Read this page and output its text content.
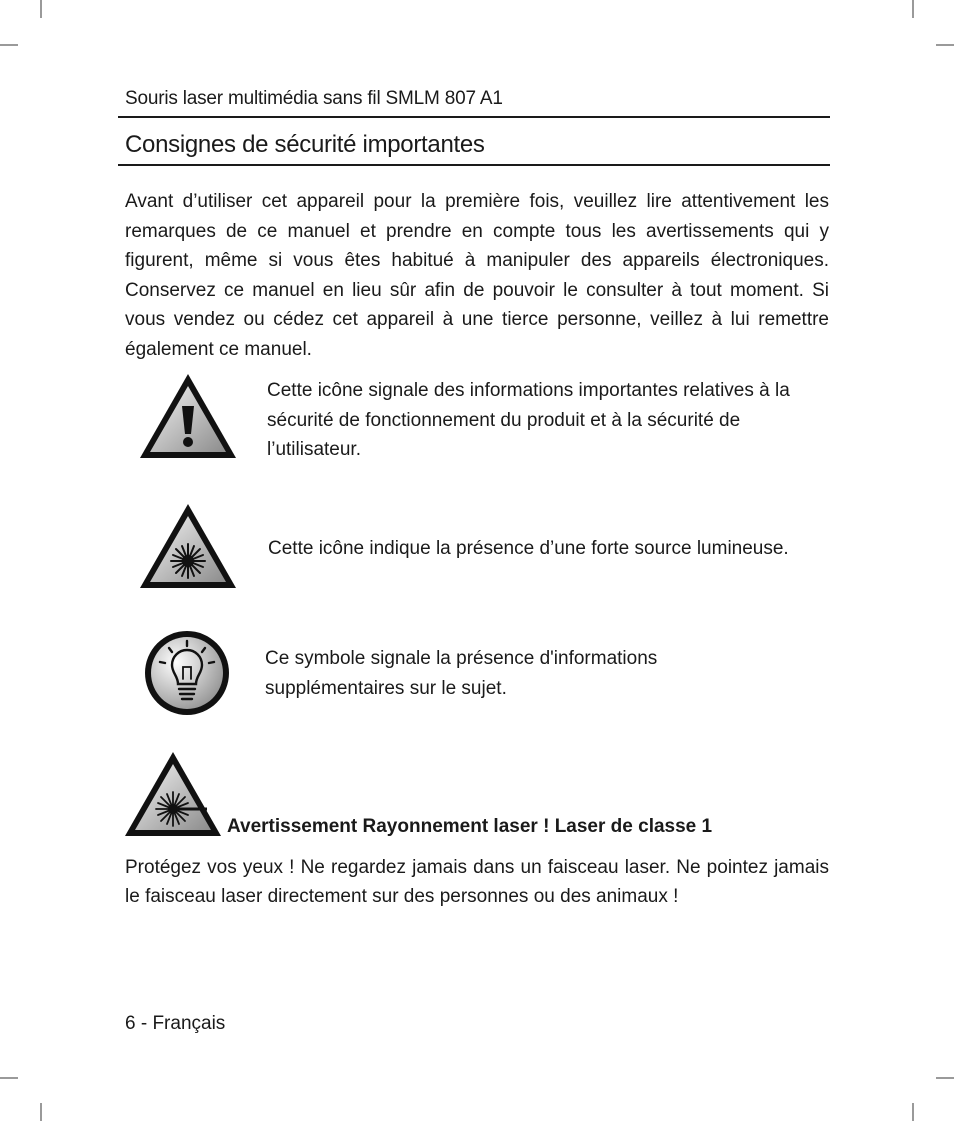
Souris laser multimédia sans fil SMLM 807 A1
Consignes de sécurité importantes
Avant d’utiliser cet appareil pour la première fois, veuillez lire attentivement les remarques de ce manuel et prendre en compte tous les avertissements qui y figurent, même si vous êtes habitué à manipuler des appareils électroniques. Conservez ce manuel en lieu sûr afin de pouvoir le consulter à tout moment. Si vous vendez ou cédez cet appareil à une tierce personne, veillez à lui remettre également ce manuel.
Cette icône signale des informations importantes relatives à la sécurité de fonctionnement du produit et à la sécurité de l’utilisateur.
Cette icône indique la présence d’une forte source lumineuse.
Ce symbole signale la présence d'informations supplémentaires sur le sujet.
Avertissement Rayonnement laser ! Laser de classe 1
Protégez vos yeux ! Ne regardez jamais dans un faisceau laser. Ne pointez jamais le faisceau laser directement sur des personnes ou des animaux !
6 - Français
